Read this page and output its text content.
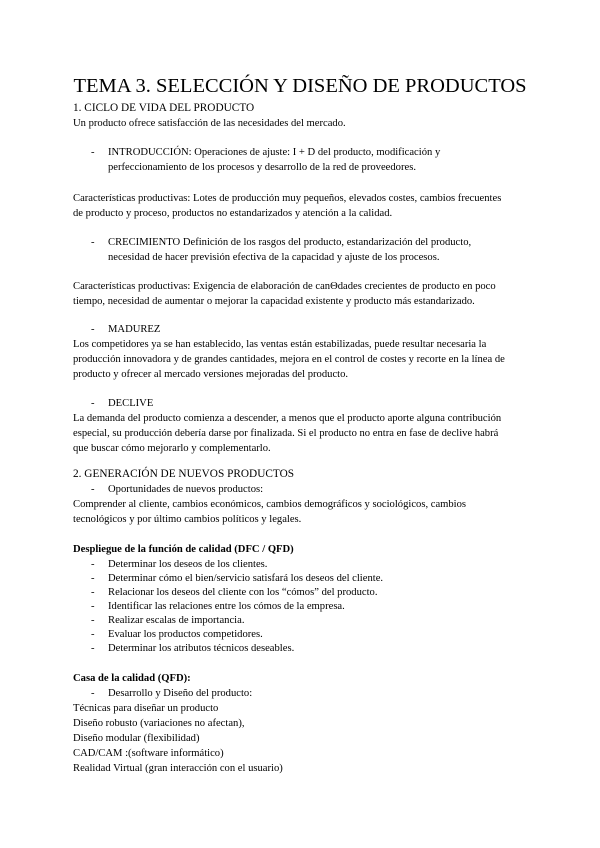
TEMA 3. SELECCIÓN Y DISEÑO DE PRODUCTOS
1. CICLO DE VIDA DEL PRODUCTO
Un producto ofrece satisfacción de las necesidades del mercado.
- INTRODUCCIÓN: Operaciones de ajuste: I + D del producto, modificación y
perfeccionamiento de los procesos y desarrollo de la red de proveedores.
Características productivas: Lotes de producción muy pequeños, elevados costes, cambios frecuentes
de producto y proceso, productos no estandarizados y atención a la calidad.
- CRECIMIENTO Definición de los rasgos del producto, estandarización del producto,
necesidad de hacer previsión efectiva de la capacidad y ajuste de los procesos.
Características productivas: Exigencia de elaboración de canΘdades crecientes de producto en poco
tiempo, necesidad de aumentar o mejorar la capacidad existente y producto más estandarizado.
- MADUREZ
Los competidores ya se han establecido, las ventas están estabilizadas, puede resultar necesaria la
producción innovadora y de grandes cantidades, mejora en el control de costes y recorte en la línea de
producto y ofrecer al mercado versiones mejoradas del producto.
- DECLIVE
La demanda del producto comienza a descender, a menos que el producto aporte alguna contribución
especial, su producción debería darse por finalizada. Si el producto no entra en fase de declive habrá
que buscar cómo mejorarlo y complementarlo.
2. GENERACIÓN DE NUEVOS PRODUCTOS
- Oportunidades de nuevos productos:
Comprender al cliente, cambios económicos, cambios demográficos y sociológicos, cambios
tecnológicos y por último cambios políticos y legales.
Despliegue de la función de calidad (DFC / QFD)
- Determinar los deseos de los clientes.
- Determinar cómo el bien/servicio satisfará los deseos del cliente.
- Relacionar los deseos del cliente con los “cómos” del producto.
- Identificar las relaciones entre los cómos de la empresa.
- Realizar escalas de importancia.
- Evaluar los productos competidores.
- Determinar los atributos técnicos deseables.
Casa de la calidad (QFD):
- Desarrollo y Diseño del producto:
Técnicas para diseñar un producto
Diseño robusto (variaciones no afectan),
Diseño modular (flexibilidad)
CAD/CAM :(software informático)
Realidad Virtual (gran interacción con el usuario)
